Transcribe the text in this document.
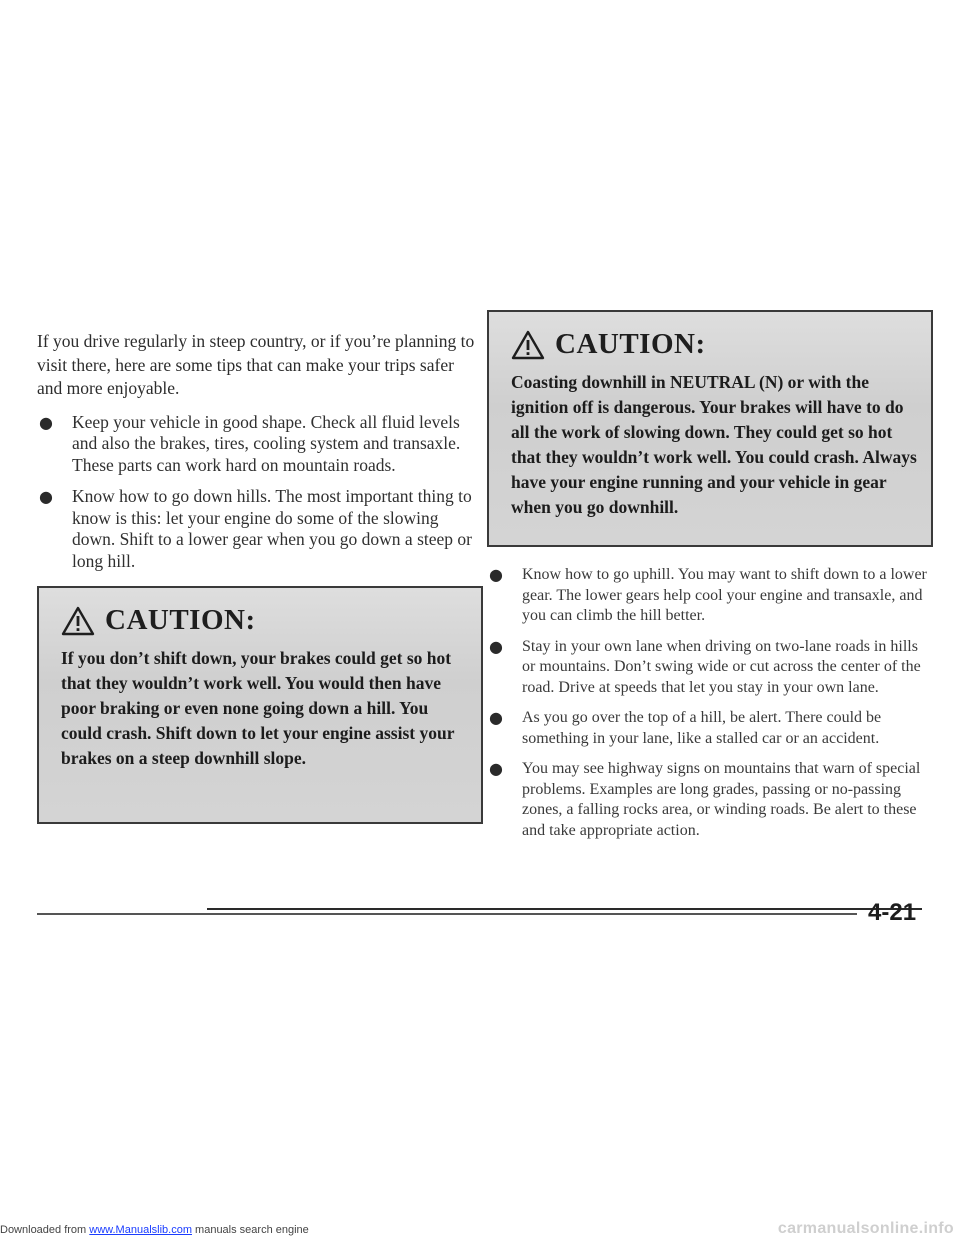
If you drive regularly in steep country, or if you’re planning to visit there, here are some tips that can make your trips safer and more enjoyable.

● Keep your vehicle in good shape. Check all fluid levels and also the brakes, tires, cooling system and transaxle. These parts can work hard on mountain roads.
● Know how to go down hills. The most important thing to know is this: let your engine do some of the slowing down. Shift to a lower gear when you go down a steep or long hill.
CAUTION:
If you don’t shift down, your brakes could get so hot that they wouldn’t work well. You would then have poor braking or even none going down a hill. You could crash. Shift down to let your engine assist your brakes on a steep downhill slope.
CAUTION:
Coasting downhill in NEUTRAL (N) or with the ignition off is dangerous. Your brakes will have to do all the work of slowing down. They could get so hot that they wouldn’t work well. You could crash. Always have your engine running and your vehicle in gear when you go downhill.
● Know how to go uphill. You may want to shift down to a lower gear. The lower gears help cool your engine and transaxle, and you can climb the hill better.
● Stay in your own lane when driving on two-lane roads in hills or mountains. Don’t swing wide or cut across the center of the road. Drive at speeds that let you stay in your own lane.
● As you go over the top of a hill, be alert. There could be something in your lane, like a stalled car or an accident.
● You may see highway signs on mountains that warn of special problems. Examples are long grades, passing or no-passing zones, a falling rocks area, or winding roads. Be alert to these and take appropriate action.
4-21
Downloaded from www.Manualslib.com manuals search engine	carmanualsonline.info
